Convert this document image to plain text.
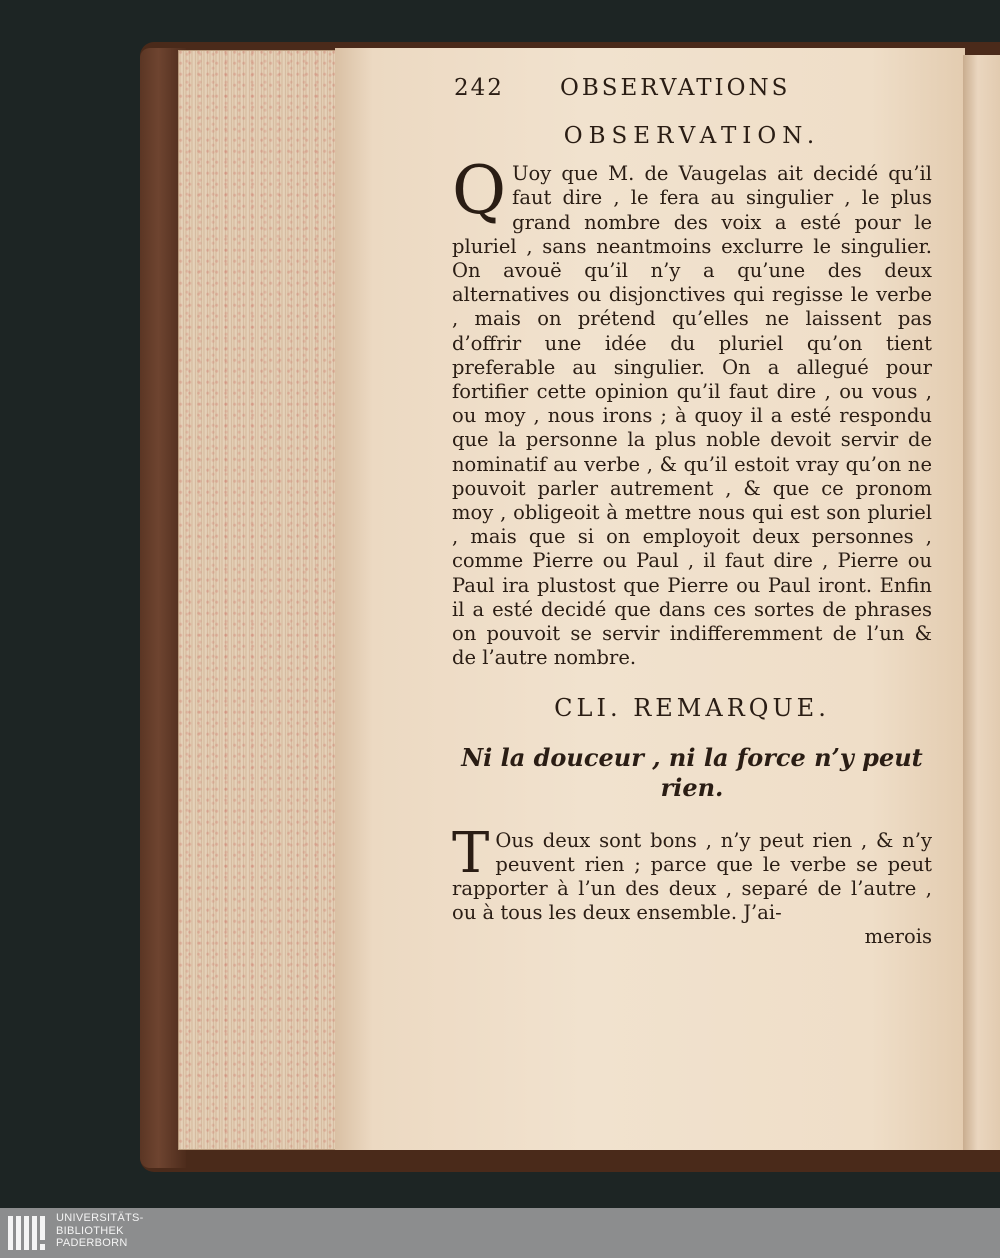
242 OBSERVATIONS
OBSERVATION.
Q Uoy que M. de Vaugelas ait decidé qu’il faut dire , le fera au singulier , le plus grand nombre des voix a esté pour le pluriel , sans neantmoins exclurre le singulier. On avouë qu’il n’y a qu’une des deux alternatives ou disjonctives qui regisse le verbe , mais on prétend qu’elles ne laissent pas d’offrir une idée du pluriel qu’on tient preferable au singulier. On a allegué pour fortifier cette opinion qu’il faut dire , ou vous , ou moy , nous irons ; à quoy il a esté respondu que la personne la plus noble devoit servir de nominatif au verbe , & qu’il estoit vray qu’on ne pouvoit parler autrement , & que ce pronom moy , obligeoit à mettre nous qui est son pluriel , mais que si on employoit deux personnes , comme Pierre ou Paul , il faut dire , Pierre ou Paul ira plustost que Pierre ou Paul iront. Enfin il a esté decidé que dans ces sortes de phrases on pouvoit se servir indifferemment de l’un & de l’autre nombre.
CLI. REMARQUE.
Ni la douceur , ni la force n’y peut rien.
T Ous deux sont bons , n’y peut rien , & n’y peuvent rien ; parce que le verbe se peut rapporter à l’un des deux , separé de l’autre , ou à tous les deux ensemble. J’ai-
merois
UNIVERSITÄTS-
BIBLIOTHEK
PADERBORN
